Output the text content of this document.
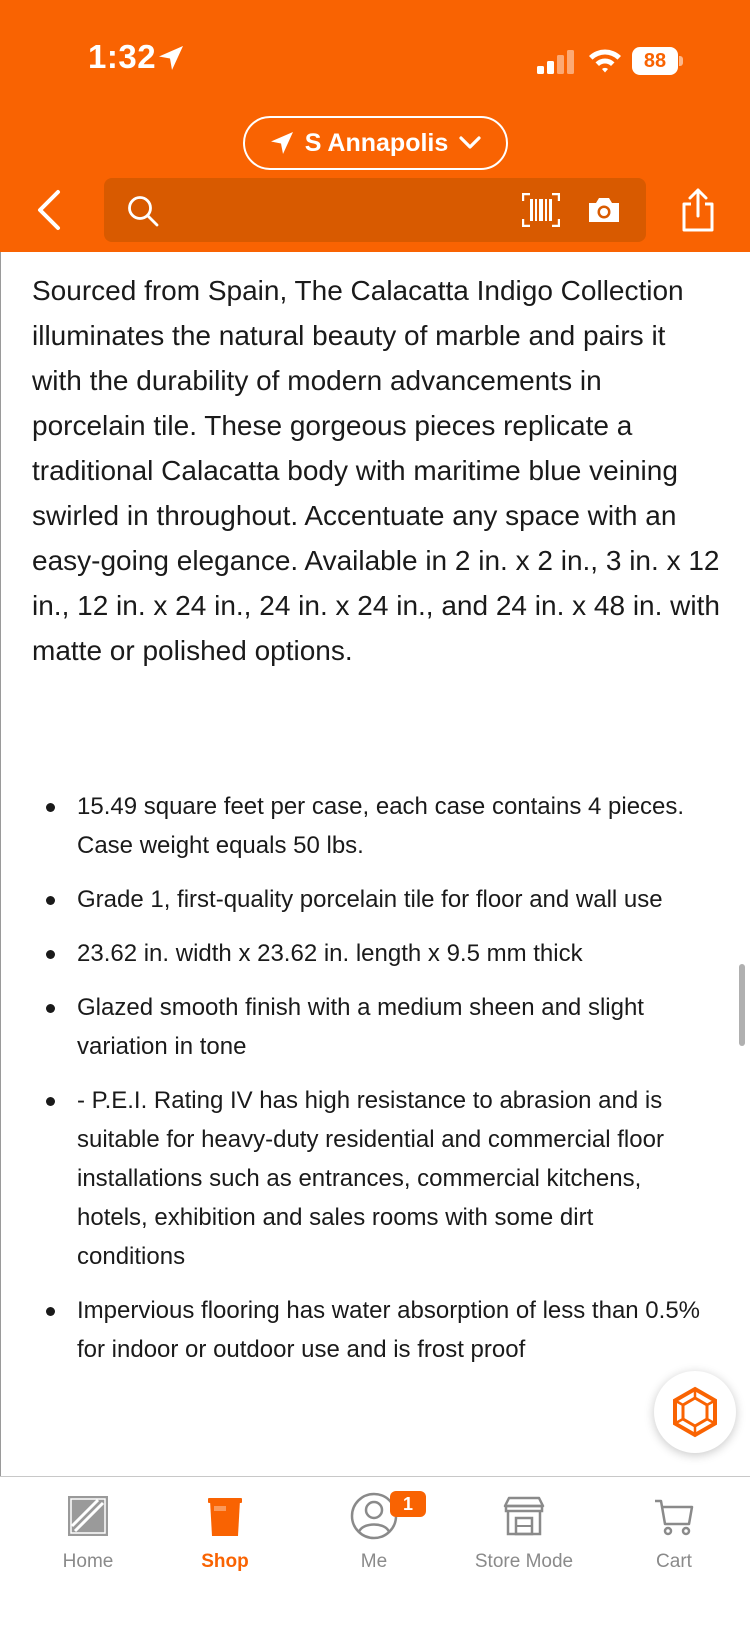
1:32	88
S Annapolis

Sourced from Spain, The Calacatta Indigo Collection illuminates the natural beauty of marble and pairs it with the durability of modern advancements in porcelain tile. These gorgeous pieces replicate a traditional Calacatta body with maritime blue veining swirled in throughout. Accentuate any space with an easy-going elegance. Available in 2 in. x 2 in., 3 in. x 12 in., 12 in. x 24 in., 24 in. x 24 in., and 24 in. x 48 in. with matte or polished options.

15.49 square feet per case, each case contains 4 pieces. Case weight equals 50 lbs.
Grade 1, first-quality porcelain tile for floor and wall use
23.62 in. width x 23.62 in. length x 9.5 mm thick
Glazed smooth finish with a medium sheen and slight variation in tone
- P.E.I. Rating IV has high resistance to abrasion and is suitable for heavy-duty residential and commercial floor installations such as entrances, commercial kitchens, hotels, exhibition and sales rooms with some dirt conditions
Impervious flooring has water absorption of less than 0.5% for indoor or outdoor use and is frost proof
Home	Shop
1
Me	Store Mode	Cart
